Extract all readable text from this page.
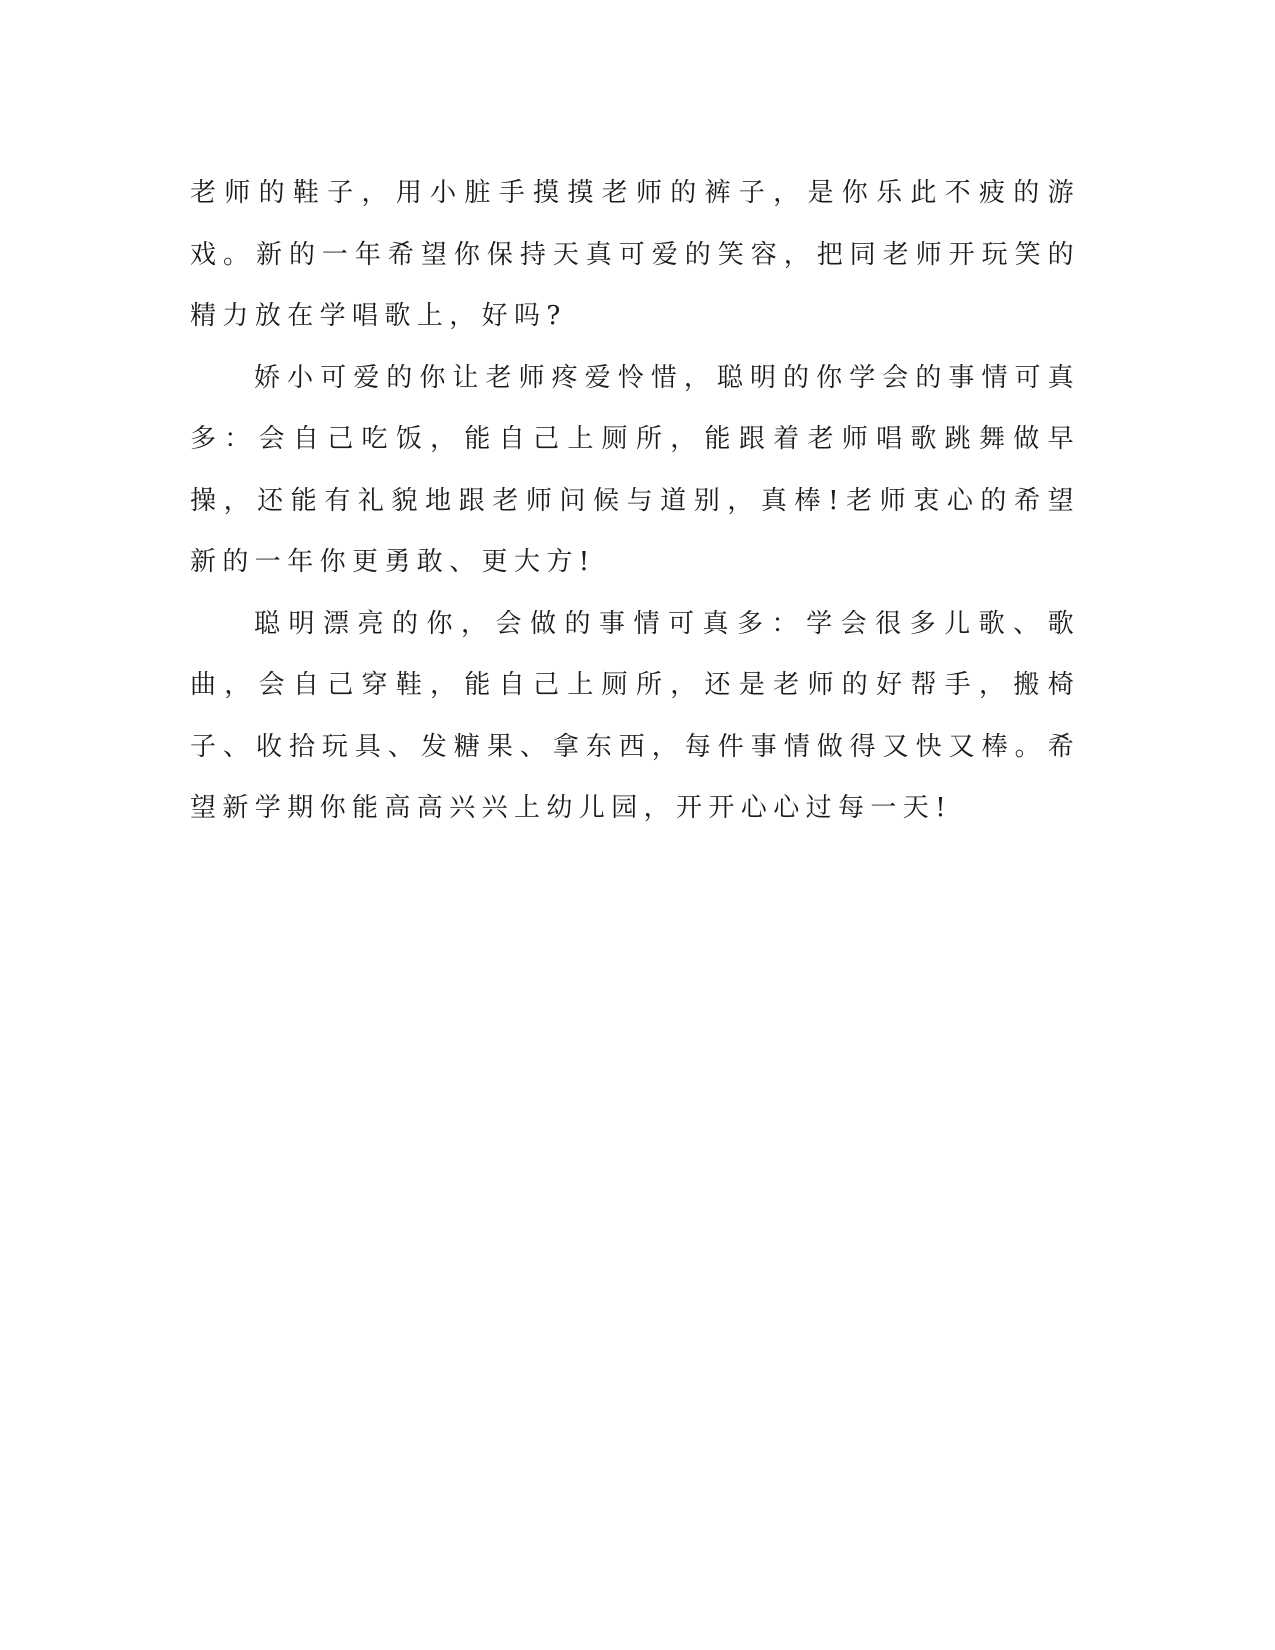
老师的鞋子，用小脏手摸摸老师的裤子，是你乐此不疲的游戏。新的一年希望你保持天真可爱的笑容，把同老师开玩笑的精力放在学唱歌上，好吗?

娇小可爱的你让老师疼爱怜惜，聪明的你学会的事情可真多：会自己吃饭，能自己上厕所，能跟着老师唱歌跳舞做早操，还能有礼貌地跟老师问候与道别，真棒!老师衷心的希望新的一年你更勇敢、更大方!

聪明漂亮的你，会做的事情可真多：学会很多儿歌、歌曲，会自己穿鞋，能自己上厕所，还是老师的好帮手，搬椅子、收拾玩具、发糖果、拿东西，每件事情做得又快又棒。希望新学期你能高高兴兴上幼儿园，开开心心过每一天!
